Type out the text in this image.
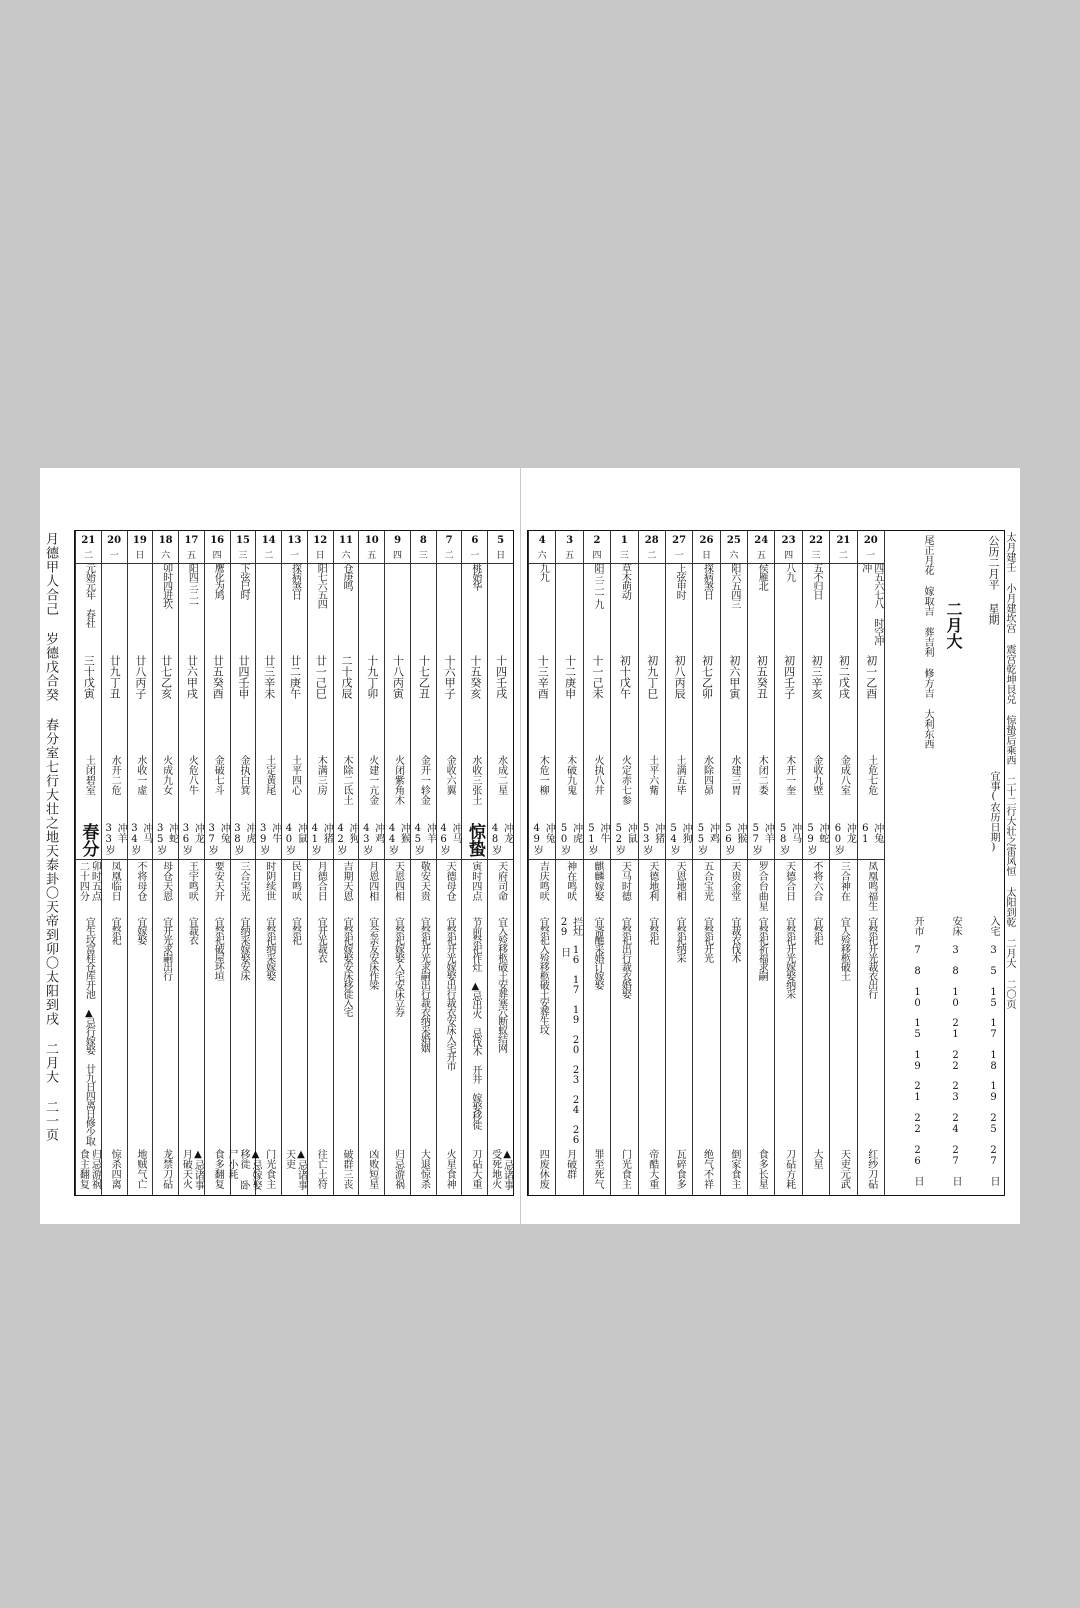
月德甲人合己 岁德戊合癸 春分室七行大壮之地天泰卦〇天帝到卯〇太阳到戌 二月大 二一页	5
日
十四壬戌
水成二星
冲龙48岁
天府司命
宜入殓移柩破土安葬塞穴断蚁结网
▲忌诸事 受死地火
6
一
桃始华
十五癸亥
水收三张土
惊蛰
寅时四点
节前祭祀作灶 ▲忌出火 忌伐木 开井 嫁娶移徙
刀砧大重
7
二
十六甲子
金收六翼
冲马46岁
天德母仓
宜祭祀开光嫁娶出行裁衣安床入宅开市
火星食神
8
三
十七乙丑
金开一轸金
冲羊45岁
敬安天贵
宜祭祀开光求嗣出行裁衣纳采婚姻
大退惊杀
9
四
十八丙寅
火闭紫角木
冲猴44岁
天恩四相
宜祭祀嫁娶入宅安床立券
归忌游祸
10
五
十九丁卯
火建一亢金
冲鸡43岁
月恩四相
宜会亲友安床作梁
凶败短星
11
六
仓庚鸣
二十戊辰
木除二氐土
冲狗42岁
吉期天恩
宜祭祀嫁娶安床移徙入宅
破群三丧
12
日
阳七六五四
廿一己巳
木满三房
冲猪41岁
月德合日
宜开光裁衣
往亡土符
13
一
探病煞日
廿二庚午
土平四心
冲鼠40岁
民日鸣吠
宜祭祀
▲忌诸事 天吏
14
二
廿三辛未
土定黄尾
冲牛39岁
时阴续世
宜祭祀纳采嫁娶
门光食主
15
三
下弦巳时
廿四壬申
金执白箕
冲虎38岁
三合宝光
宜纳采嫁娶安床
▲忌嫁娶移徙 卧尸小耗
16
四
鹰化为鸠
廿五癸酉
金破七斗
冲兔37岁
要安天开
宜祭祀破屋坏垣
食多翻复
17
五
阳四三二一
廿六甲戌
火危八牛
冲龙36岁
王宇鸣吠
宜裁衣
▲忌诸事 月破天火
18
六
卯时四进坎
廿七乙亥
火成九女
冲蛇35岁
母仓天恩
宜开光求嗣出行
龙禁刀砧
19
日
廿八丙子
水收一虚
冲马34岁
不将母仓
宜嫁娶
地贼气亡
20
一
廿九丁丑
水开二危
冲羊33岁
凤凰临日
宜祭祀
惊杀四离
21
二
元始元年 春社
三十戊寅
土闭碧室
春分
卯时五点 二十四分
宜生坟富桂仓库开池 ▲忌行嫁娶 廿九日四离日修少取
归忌游祸 食主翻复
20
一
四五六七八 时空冲冲
初一乙酉
土危七危
冲兔61
凤凰鸣福生
宜祭祀开光裁衣出行
红纱刀砧
21
二
初二戊戌
金成八室
冲龙60岁
三合神在
宜人殓移柩破土
天吏元武
22
三
五不归日
初三辛亥
金收九壁
冲蛇59岁
不将六合
宜祭祀
大星
23
四
八九
初四壬子
木开一奎
冲马58岁
天德合日
宜祭祀开光嫁娶纳采
刀砧方耗
24
五
侯雁北
初五癸丑
木闭二娄
冲羊57岁
罗合台曲星
宜祭祀祈福求嗣
食多长星
25
六
阳六五四三
初六甲寅
水建三胃
冲猴56岁
天贵金堂
宜裁衣伐木
倒家食主
26
日
探病煞日
初七乙卯
水除四昴
冲鸡55岁
五合宝光
宜祭祀开光
绝气不祥
27
一
上弦申时
初八丙辰
土满五毕
冲狗54岁
天恩地相
宜祭祀纳采
瓦碎食多
28
二
初九丁巳
土平六觜
冲猪53岁
天德地利
宜祭祀
帝酷大重
1
三
草木萌动
初十戊午
火定赤七参
冲鼠52岁
天马时德
宜祭祀出行裁衣婚娶
门光食主
2
四
阳三二一九
十一己未
火执八井
冲牛51岁
麒麟嫁娶
宜斋醮采婚订嫁娶
罪至死气
3
五
十二庚申
木破九鬼
冲虎50岁
神在鸣吠
拦灶 16 17 19 20 23 24 26 29 日
月破群
4
六
九九
十三辛酉
木危一柳
冲兔49岁
吉庆鸣吠
宜祭祀入殓移柩破土安葬生坟
四废休废
公历二月平 星期
二月大
尾正月花 嫁取吉 葬吉利 修方吉 大利东西
宜事(农历日期)
开市
7
8
10
15
19
21
22
26
日
安床
3
8
10
21
22
23
24
27
日
入宅
3
5
15
17
18
19
25
27
日
太月建壬 小月建坎宫 震宫乾坤艮兑 惊蛰后乘西 二十二行大壮之雷风恒 太阳到乾 二月大 二〇页
